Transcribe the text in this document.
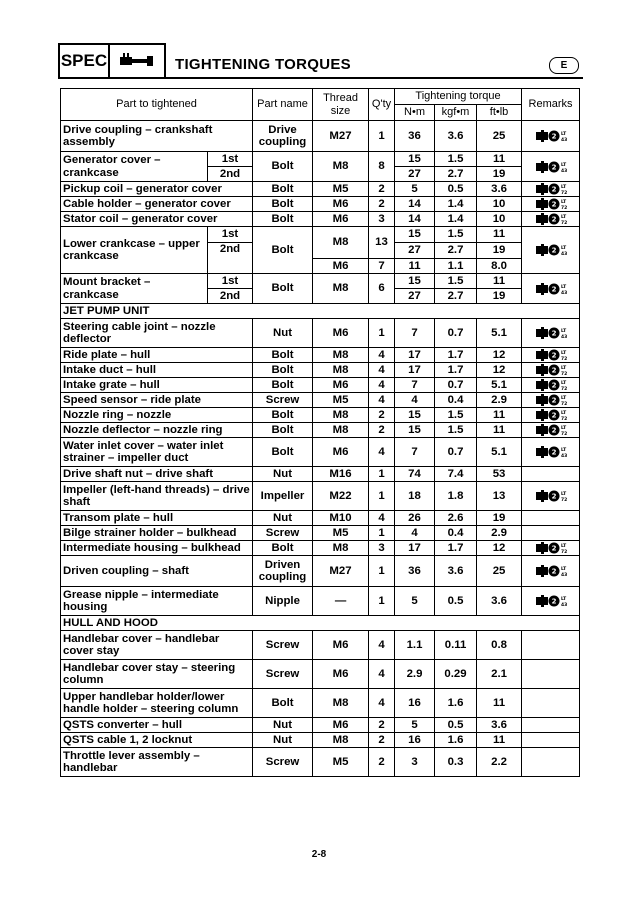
SPEC	TIGHTENING TORQUES	E
Part to tightened		Part name	Thread size	Q'ty	Tightening torque			Remarks
					N•m	kgf•m	ft•lb	
Drive coupling – crankshaft assembly		Drive coupling	M27	1	36	3.6	25	
Generator cover – crankcase	1st	Bolt	M8	8	15	1.5	11	
	2nd				27	2.7	19	
Pickup coil – generator cover		Bolt	M5	2	5	0.5	3.6	
Cable holder – generator cover		Bolt	M6	2	14	1.4	10	
Stator coil – generator cover		Bolt	M6	3	14	1.4	10	
Lower crankcase – upper crankcase	1st	Bolt	M8	13	15	1.5	11	
	2nd				27	2.7	19	
			M6	7	11	1.1	8.0	
Mount bracket – crankcase	1st	Bolt	M8	6	15	1.5	11	
	2nd				27	2.7	19	
JET PUMP UNIT								
Steering cable joint – nozzle deflector		Nut	M6	1	7	0.7	5.1	
Ride plate – hull		Bolt	M8	4	17	1.7	12	
Intake duct – hull		Bolt	M8	4	17	1.7	12	
Intake grate – hull		Bolt	M6	4	7	0.7	5.1	
Speed sensor – ride plate		Screw	M5	4	4	0.4	2.9	
Nozzle ring – nozzle		Bolt	M8	2	15	1.5	11	
Nozzle deflector – nozzle ring		Bolt	M8	2	15	1.5	11	
Water inlet cover – water inlet strainer – impeller duct		Bolt	M6	4	7	0.7	5.1	
Drive shaft nut – drive shaft		Nut	M16	1	74	7.4	53	
Impeller (left-hand threads) – drive shaft		Impeller	M22	1	18	1.8	13	
Transom plate – hull		Nut	M10	4	26	2.6	19	
Bilge strainer holder – bulkhead		Screw	M5	1	4	0.4	2.9	
Intermediate housing – bulkhead		Bolt	M8	3	17	1.7	12	
Driven coupling – shaft		Driven coupling	M27	1	36	3.6	25	
Grease nipple – intermediate housing		Nipple	—	1	5	0.5	3.6	
HULL AND HOOD								
Handlebar cover – handlebar cover stay		Screw	M6	4	1.1	0.11	0.8	
Handlebar cover stay – steering column		Screw	M6	4	2.9	0.29	2.1	
Upper handlebar holder/lower handle holder – steering column		Bolt	M8	4	16	1.6	11	
QSTS converter – hull		Nut	M6	2	5	0.5	3.6	
QSTS cable 1, 2 locknut		Nut	M8	2	16	1.6	11	
Throttle lever assembly – handlebar		Screw	M5	2	3	0.3	2.2	
2-8
